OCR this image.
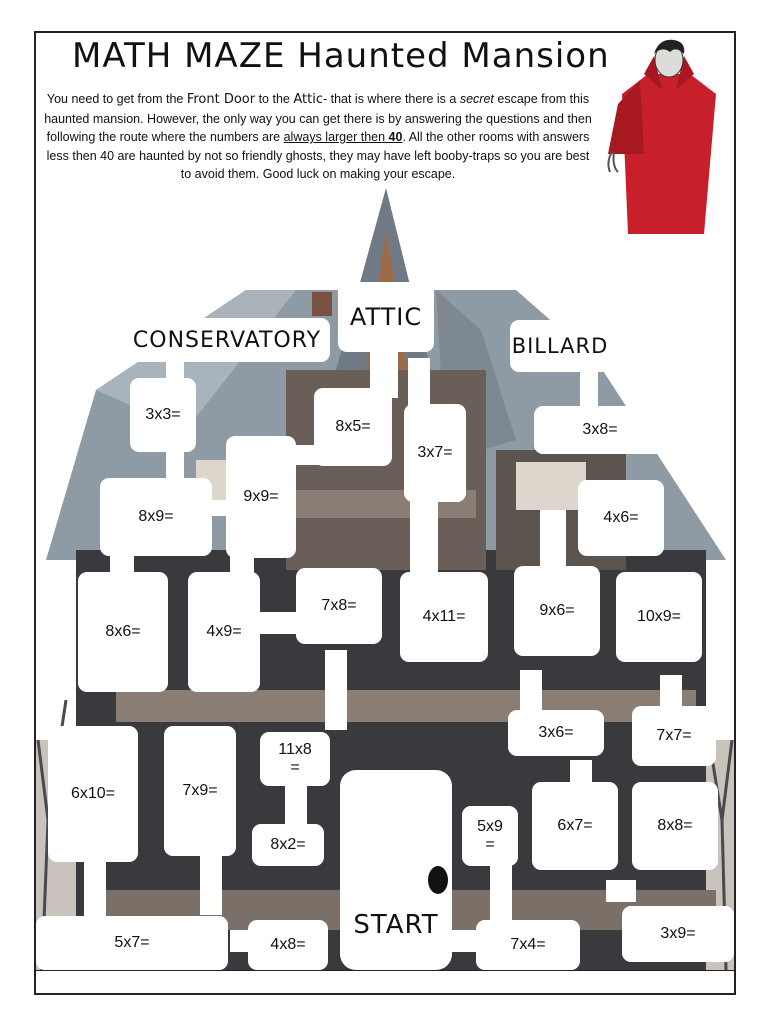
MATH MAZE Haunted Mansion
You need to get from the Front Door to the Attic- that is where there is a secret escape from this haunted mansion. However, the only way you can get there is by answering the questions and then following the route where the numbers are always larger then 40. All the other rooms with answers less then 40 are haunted by not so friendly ghosts, they may have left booby-traps so you are best to avoid them. Good luck on making your escape.
CONSERVATORY
ATTIC
BILLARD
START
3x3=
8x5=	3x8=
3x7=
9x9=
8x9=	4x6=
8x6=
7x8=
4x9=
4x11=	9x6=	10x9=
3x6=	7x7=
11x8
=
6x10=	7x9=
5x9
=
6x7=	8x8=
8x2=
5x7=	4x8=	7x4=
3x9=
